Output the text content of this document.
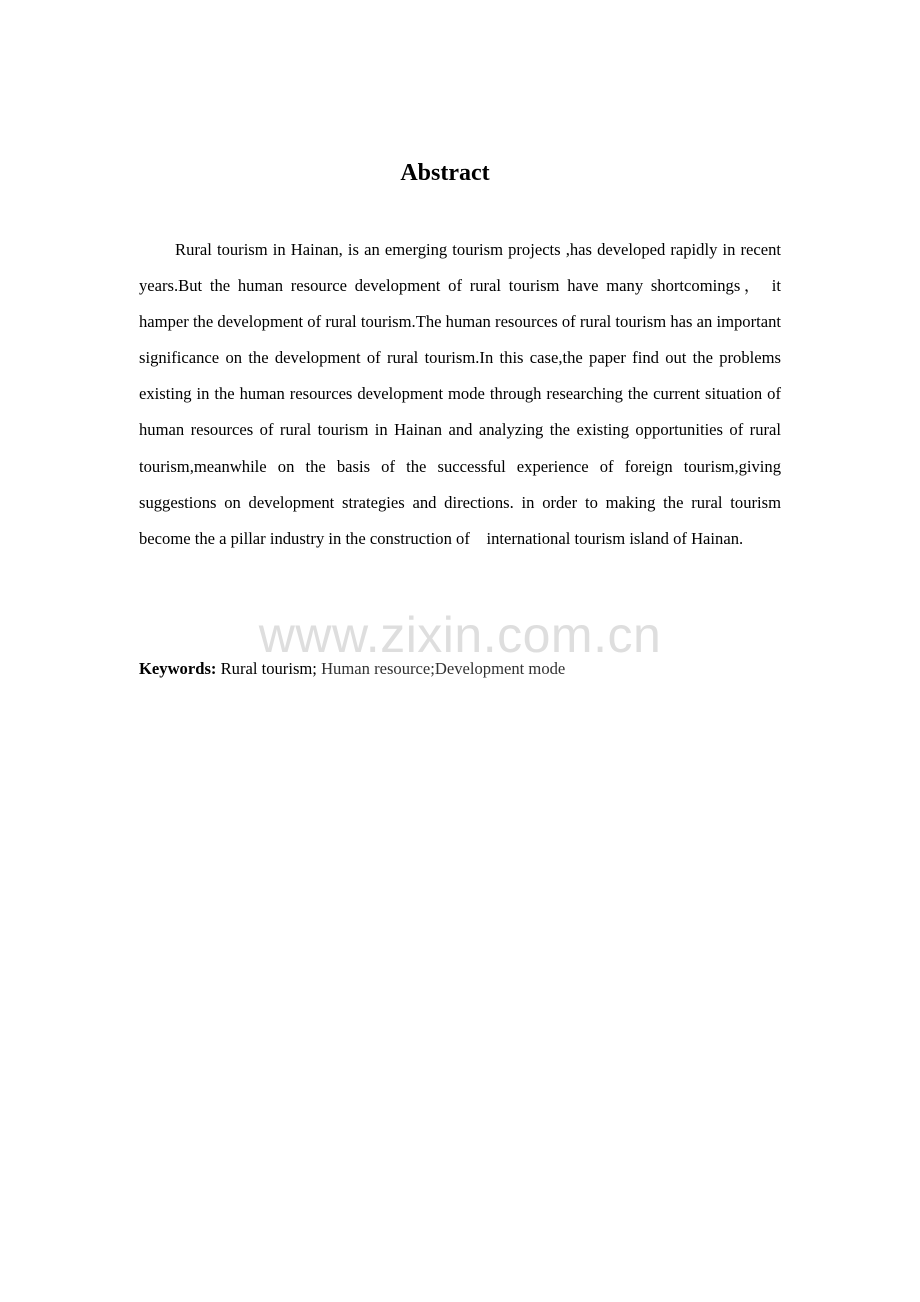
Abstract

Rural tourism in Hainan, is an emerging tourism projects ,has developed rapidly in recent years.But the human resource development of rural tourism have many shortcomings， it hamper the development of rural tourism.The human resources of rural tourism has an important significance on the development of rural tourism.In this case,the paper find out the problems existing in the human resources development mode through researching the current situation of human resources of rural tourism in Hainan and analyzing the existing opportunities of rural tourism,meanwhile on the basis of the successful experience of foreign tourism,giving suggestions on development strategies and directions. in order to making the rural tourism become the a pillar industry in the construction of　international tourism island of Hainan.

www.zixin.com.cn
Keywords: Rural tourism; Human resource;Development mode
